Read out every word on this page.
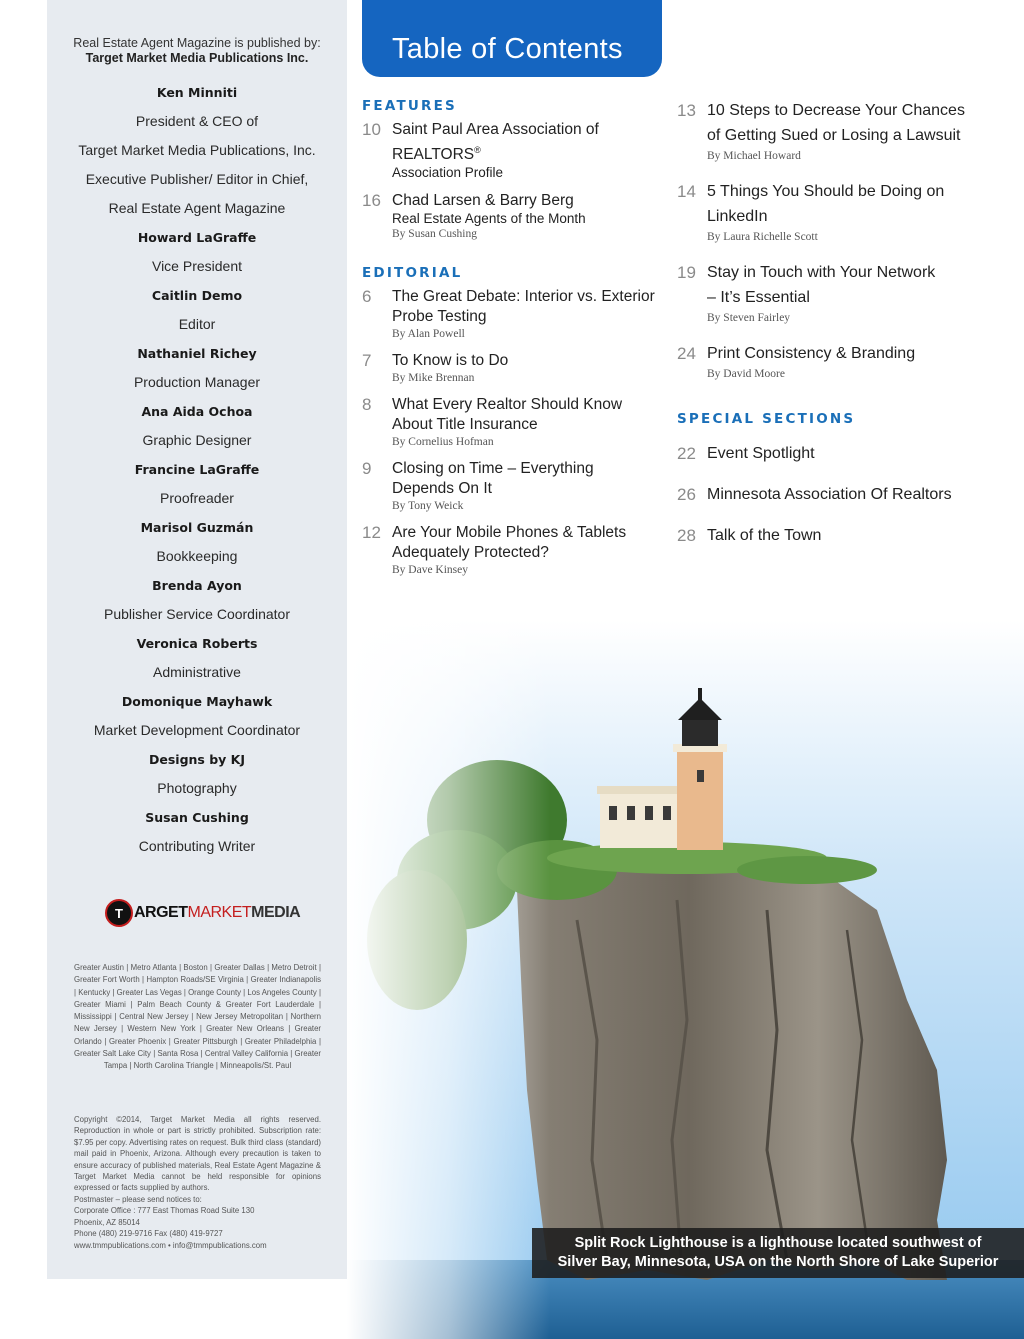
Real Estate Agent Magazine is published by:
Target Market Media Publications Inc.
Ken Minniti
President & CEO of
Target Market Media Publications, Inc.
Executive Publisher/ Editor in Chief,
Real Estate Agent Magazine
Howard LaGraffe
Vice President
Caitlin Demo
Editor
Nathaniel Richey
Production Manager
Ana Aida Ochoa
Graphic Designer
Francine LaGraffe
Proofreader
Marisol Guzmán
Bookkeeping
Brenda Ayon
Publisher Service Coordinator
Veronica Roberts
Administrative
Domonique Mayhawk
Market Development Coordinator
Designs by KJ
Photography
Susan Cushing
Contributing Writer
T ARGETMARKETMEDIA
Greater Austin | Metro Atlanta | Boston | Greater Dallas | Metro Detroit | Greater Fort Worth | Hampton Roads/SE Virginia | Greater Indianapolis | Kentucky | Greater Las Vegas | Orange County | Los Angeles County | Greater Miami | Palm Beach County & Greater Fort Lauderdale | Mississippi | Central New Jersey | New Jersey Metropolitan | Northern New Jersey | Western New York | Greater New Orleans | Greater Orlando | Greater Phoenix | Greater Pittsburgh | Greater Philadelphia | Greater Salt Lake City | Santa Rosa | Central Valley California | Greater Tampa | North Carolina Triangle | Minneapolis/St. Paul
Copyright ©2014, Target Market Media all rights reserved. Reproduction in whole or part is strictly prohibited. Subscription rate: $7.95 per copy. Advertising rates on request. Bulk third class (standard) mail paid in Phoenix, Arizona. Although every precaution is taken to ensure accuracy of published materials, Real Estate Agent Magazine & Target Market Media cannot be held responsible for opinions expressed or facts supplied by authors.
Postmaster – please send notices to:
Corporate Office : 777 East Thomas Road Suite 130
Phoenix, AZ 85014
Phone (480) 219-9716 Fax (480) 419-9727
www.tmmpublications.com • info@tmmpublications.com
Table of Contents
FEATURES
10 Saint Paul Area Association of
REALTORS®
Association Profile
16 Chad Larsen & Barry Berg
Real Estate Agents of the Month
By Susan Cushing
EDITORIAL
6 The Great Debate: Interior vs. Exterior
Probe Testing
By Alan Powell
7 To Know is to Do
By Mike Brennan
8 What Every Realtor Should Know
About Title Insurance
By Cornelius Hofman
9 Closing on Time – Everything
Depends On It
By Tony Weick
12 Are Your Mobile Phones & Tablets
Adequately Protected?
By Dave Kinsey
13 10 Steps to Decrease Your Chances
of Getting Sued or Losing a Lawsuit
By Michael Howard
14 5 Things You Should be Doing on
LinkedIn
By Laura Richelle Scott
19 Stay in Touch with Your Network
– It’s Essential
By Steven Fairley
24 Print Consistency & Branding
By David Moore
SPECIAL SECTIONS
22 Event Spotlight
26 Minnesota Association Of Realtors
28 Talk of the Town
Split Rock Lighthouse is a lighthouse located southwest of
Silver Bay, Minnesota, USA on the North Shore of Lake Superior
